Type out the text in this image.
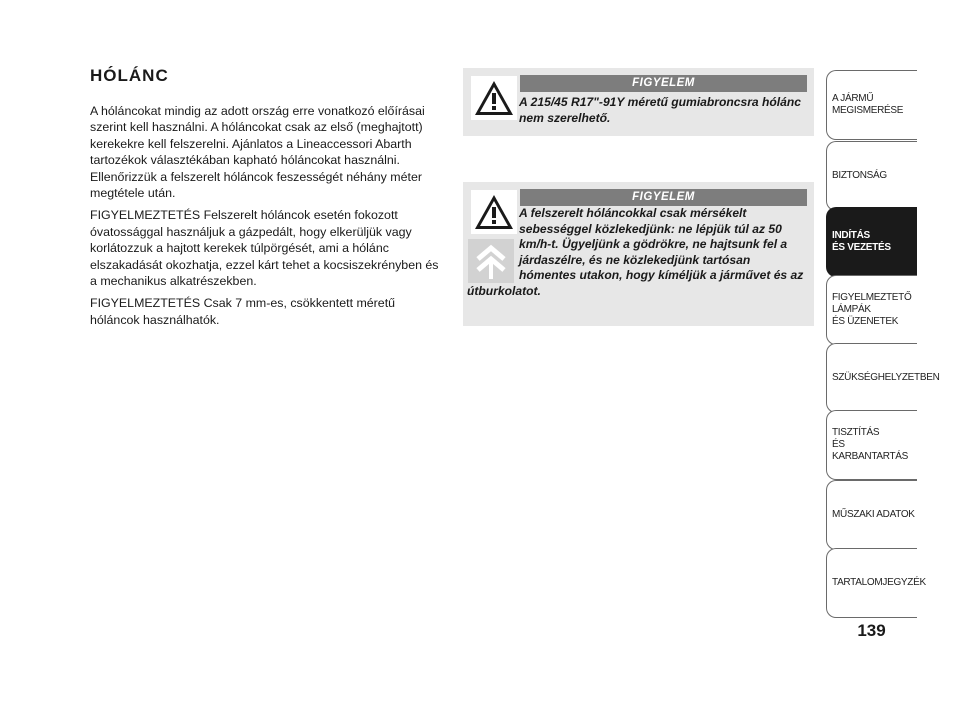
HÓLÁNC

A hóláncokat mindig az adott ország erre vonatkozó előírásai szerint kell használni. A hóláncokat csak az első (meghajtott) kerekekre kell felszerelni. Ajánlatos a Lineaccessori Abarth tartozékok választékában kapható hóláncokat használni. Ellenőrizzük a felszerelt hóláncok feszességét néhány méter megtétele után.

FIGYELMEZTETÉS Felszerelt hóláncok esetén fokozott óvatossággal használjuk a gázpedált, hogy elkerüljük vagy korlátozzuk a hajtott kerekek túlpörgését, ami a hólánc elszakadását okozhatja, ezzel kárt tehet a kocsiszekrényben és a mechanikus alkatrészekben.

FIGYELMEZTETÉS Csak 7 mm-es, csökkentett méretű hóláncok használhatók.

FIGYELEM
A 215/45 R17"-91Y méretű gumiabroncsra hólánc nem szerelhető.
FIGYELEM
A felszerelt hóláncokkal csak mérsékelt sebességgel közlekedjünk: ne lépjük túl az 50 km/h-t. Ügyeljünk a gödrökre, ne hajtsunk fel a járdaszélre, és ne közlekedjünk tartósan hómentes utakon, hogy kíméljük a járművet és az útburkolatot.
A JÁRMŰ
MEGISMERÉSE
BIZTONSÁG
INDÍTÁS
ÉS VEZETÉS
FIGYELMEZTETŐ
LÁMPÁK
ÉS ÜZENETEK
SZÜKSÉGHELYZETBEN
TISZTÍTÁS
ÉS KARBANTARTÁS
MŰSZAKI ADATOK
TARTALOMJEGYZÉK
139
